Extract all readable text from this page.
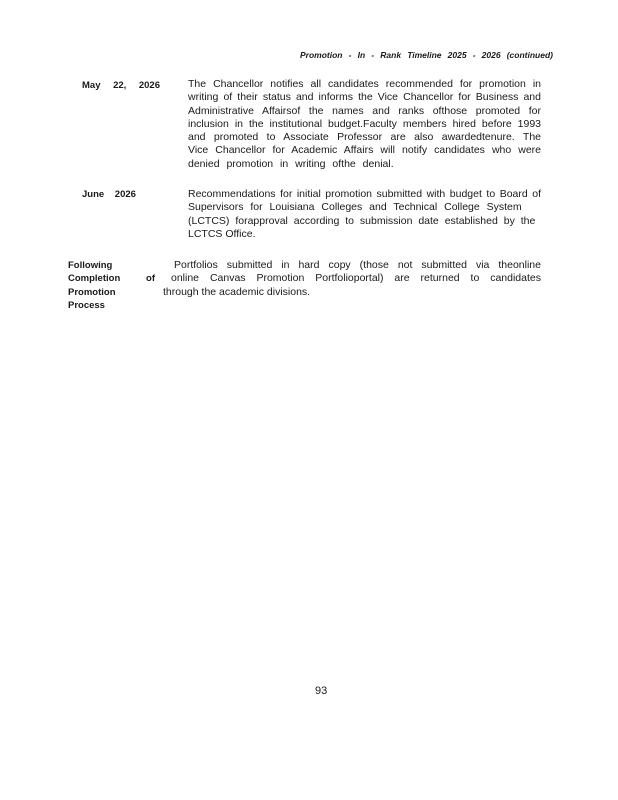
Promotion - In - Rank Timeline 2025 - 2026 (continued)
May 22, 2026	The Chancellor notifies all candidates recommended for promotion in
writing of their status and informs the Vice Chancellor for Business and
Administrative Affairsof the names and ranks ofthose promoted for
inclusion in the institutional budget.Faculty members hired before 1993
and promoted to Associate Professor are also awardedtenure. The
Vice Chancellor for Academic Affairs will notify candidates who were
denied promotion in writing ofthe denial.
June 2026	Recommendations for initial promotion submitted with budget to Board of
Supervisors for Louisiana Colleges and Technical College System
(LCTCS) forapproval according to submission date established by the
LCTCS Office.
Following
Completion of
Promotion Process
Portfolios submitted in hard copy (those not submitted via theonline
online Canvas Promotion Portfolioportal) are returned to candidates
through the academic divisions.
93
